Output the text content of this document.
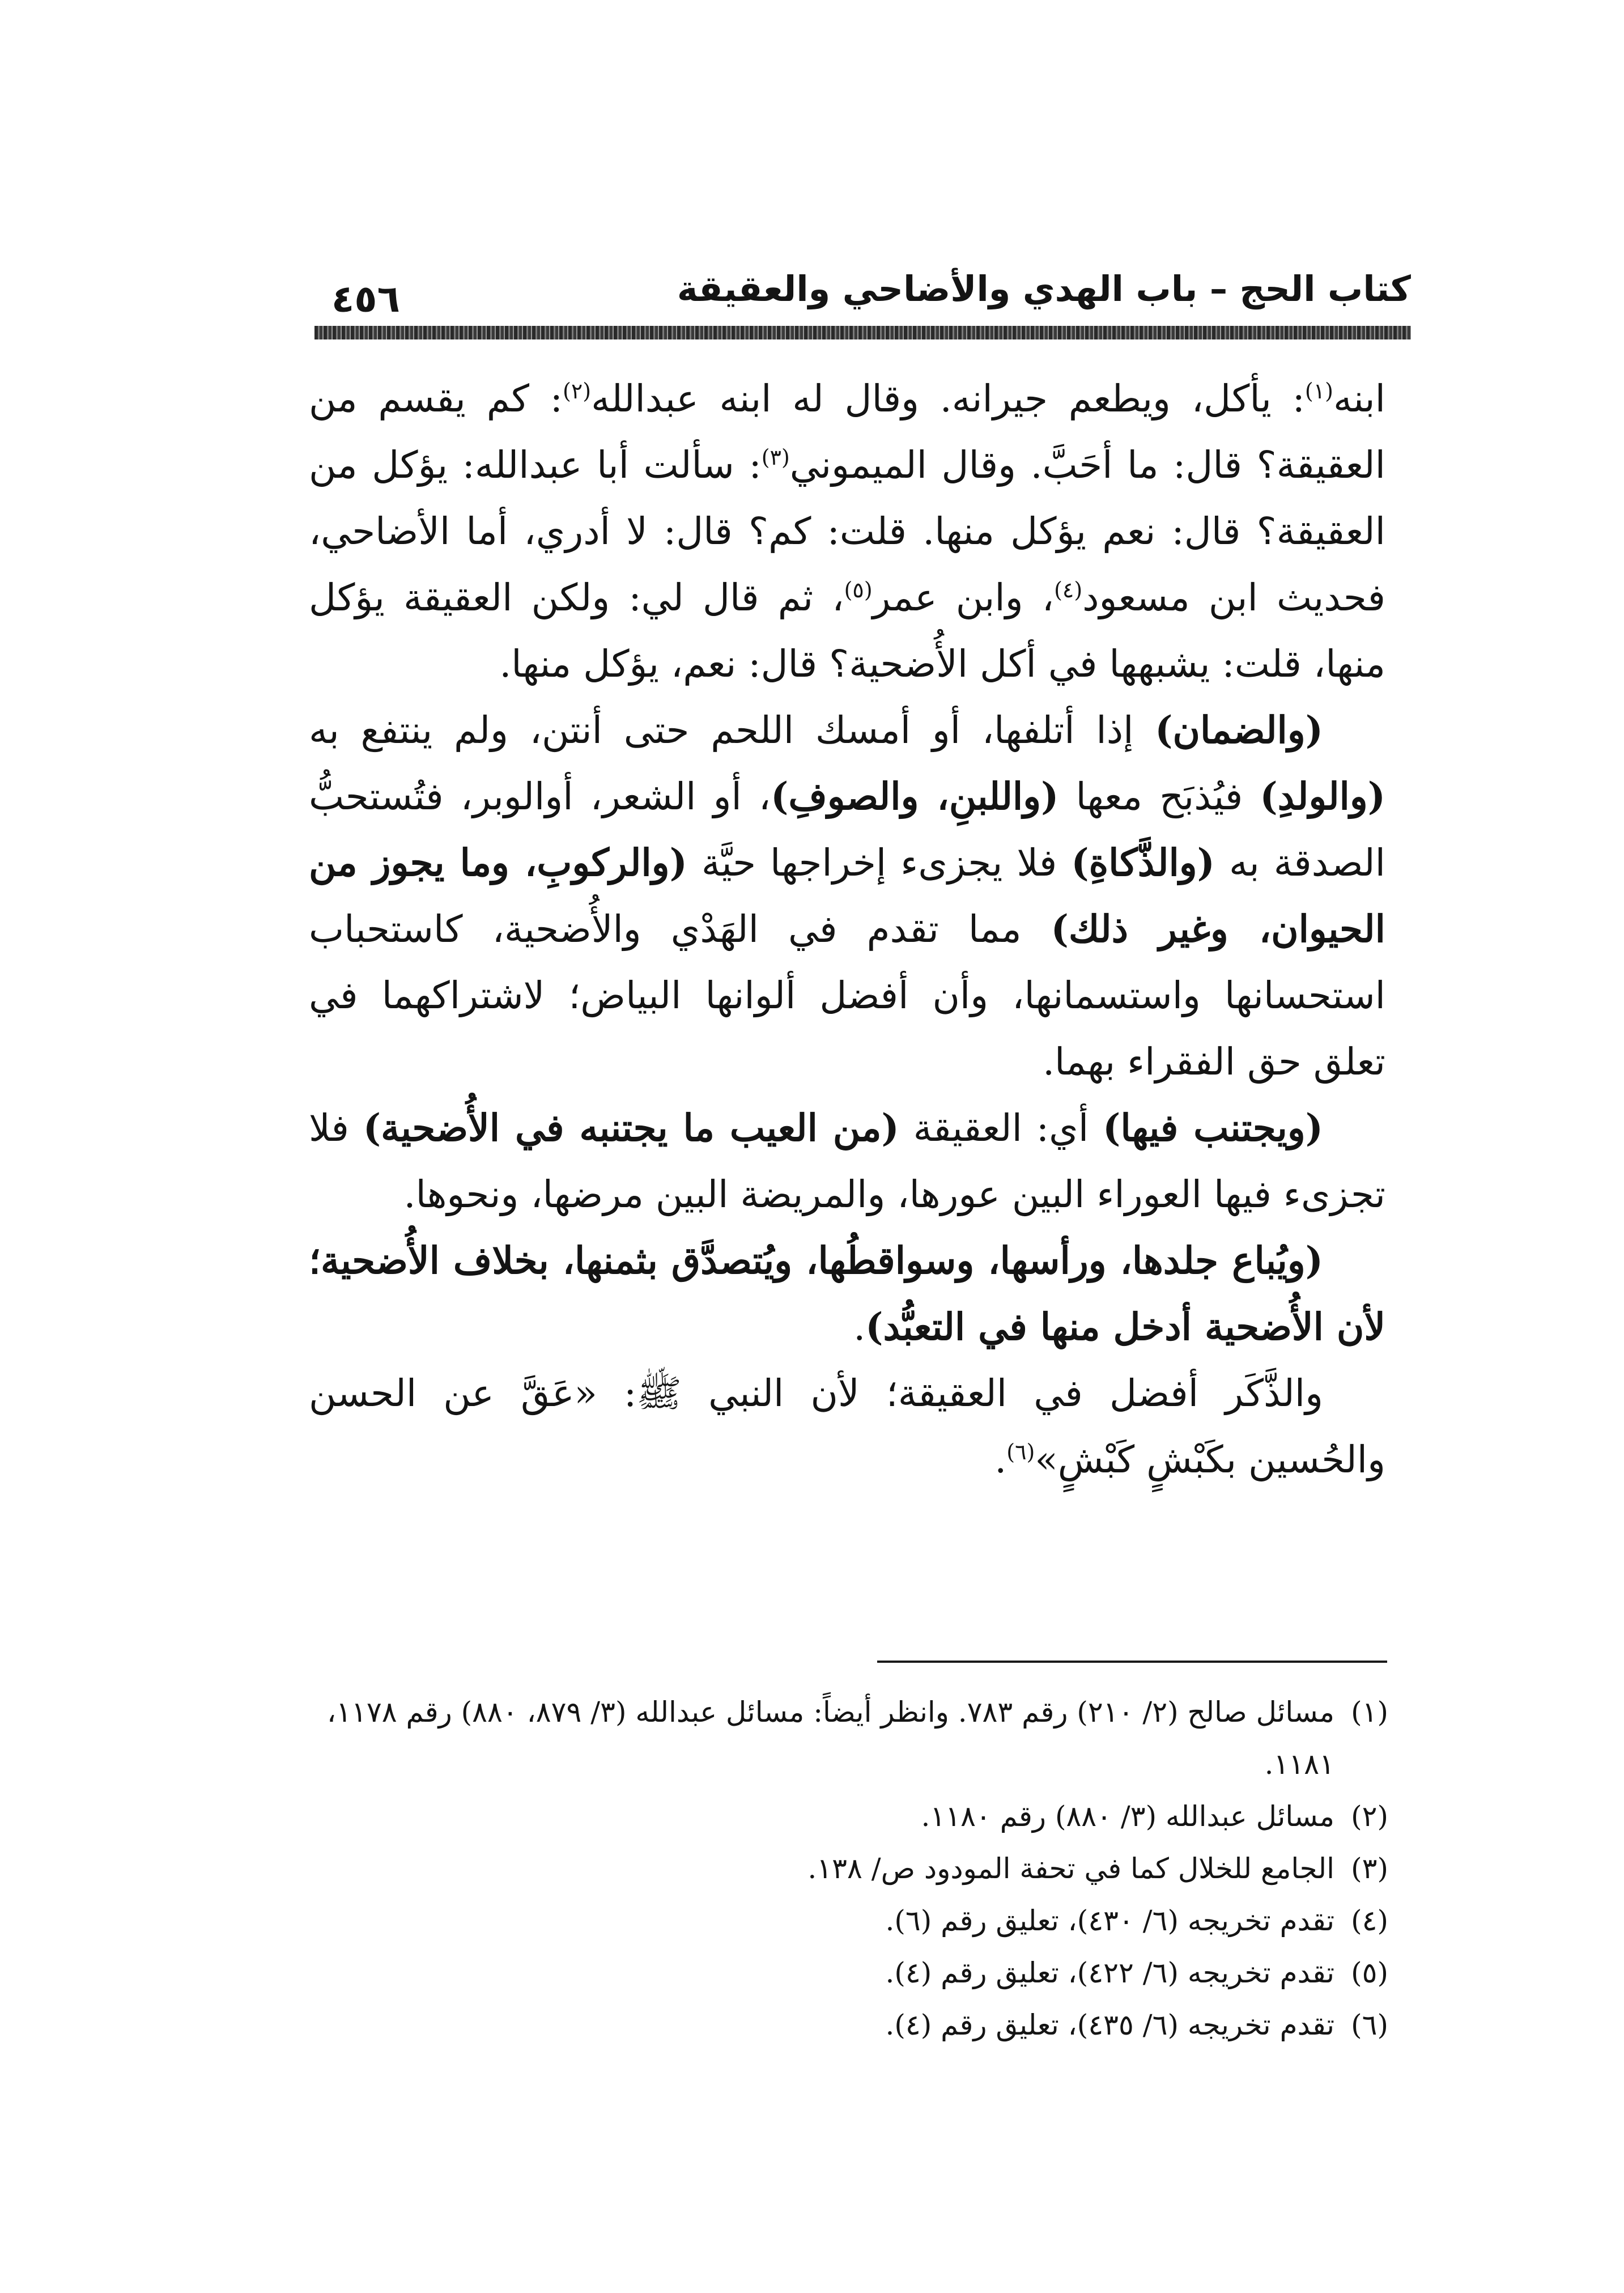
كتاب الحج – باب الهدي والأضاحي والعقيقة
٤٥٦

ابنه$^{(١)}$: يأكل، ويطعم جيرانه. وقال له ابنه عبدالله$^{(٢)}$: كم يقسم من العقيقة؟ قال: ما أحَبَّ. وقال الميموني$^{(٣)}$: سألت أبا عبدالله: يؤكل من العقيقة؟ قال: نعم يؤكل منها. قلت: كم؟ قال: لا أدري، أما الأضاحي، فحديث ابن مسعود$^{(٤)}$، وابن عمر$^{(٥)}$، ثم قال لي: ولكن العقيقة يؤكل منها، قلت: يشبهها في أكل الأُضحية؟ قال: نعم، يؤكل منها.

(والضمان) إذا أتلفها، أو أمسك اللحم حتى أنتن، ولم ينتفع به (والولدِ) فيُذبَح معها (واللبنِ، والصوفِ)، أو الشعر، أوالوبر، فتُستحبُّ الصدقة به (والذَّكاةِ) فلا يجزىء إخراجها حيَّة (والركوبِ، وما يجوز من الحيوان، وغير ذلك) مما تقدم في الهَدْي والأُضحية، كاستحباب استحسانها واستسمانها، وأن أفضل ألوانها البياض؛ لاشتراكهما في تعلق حق الفقراء بهما.

(ويجتنب فيها) أي: العقيقة (من العيب ما يجتنبه في الأُضحية) فلا تجزىء فيها العوراء البين عورها، والمريضة البين مرضها، ونحوها.

(ويُباع جلدها، ورأسها، وسواقطُها، ويُتصدَّق بثمنها، بخلاف الأُضحية؛ لأن الأُضحية أدخل منها في التعبُّد).

والذَّكَر أفضل في العقيقة؛ لأن النبي ﷺ: «عَقَّ عن الحسن والحُسين بكَبْشٍ كَبْشٍ»$^{(٦)}$.

(١)
مسائل صالح (٢/ ٢١٠) رقم ٧٨٣. وانظر أيضاً: مسائل عبدالله (٣/ ٨٧٩، ٨٨٠) رقم ١١٧٨، ١١٨١.

(٢)
مسائل عبدالله (٣/ ٨٨٠) رقم ١١٨٠.

(٣)
الجامع للخلال كما في تحفة المودود ص/ ١٣٨.

(٤)
تقدم تخريجه (٦/ ٤٣٠)، تعليق رقم (٦).

(٥)
تقدم تخريجه (٦/ ٤٢٢)، تعليق رقم (٤).

(٦)
تقدم تخريجه (٦/ ٤٣٥)، تعليق رقم (٤).
